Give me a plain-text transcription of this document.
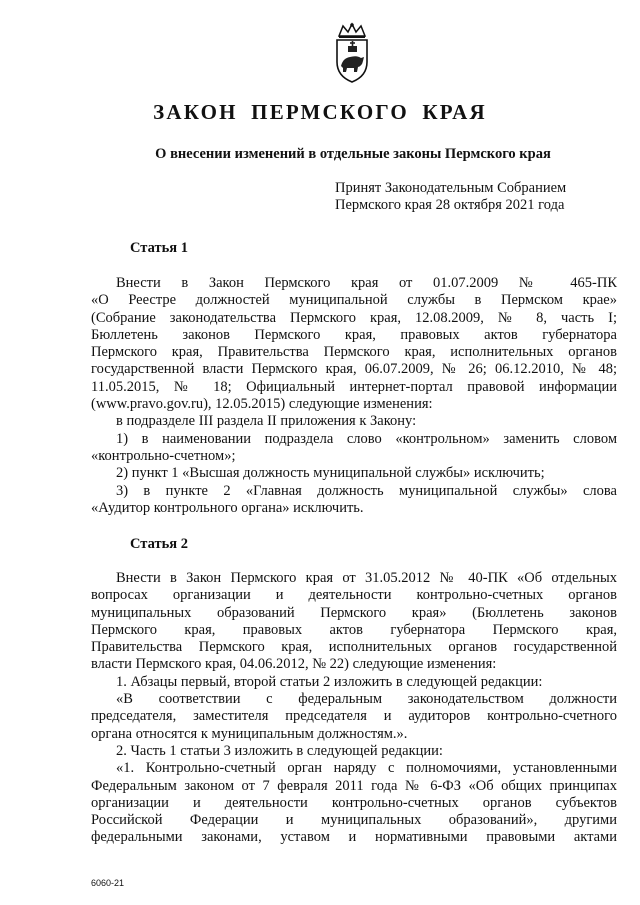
ЗАКОН ПЕРМСКОГО КРАЯ
О внесении изменений в отдельные законы Пермского края
Принят Законодательным Собранием
Пермского края 28 октября 2021 года
Статья 1
Внести в Закон Пермского края от 01.07.2009 № 465-ПК
«О Реестре должностей муниципальной службы в Пермском крае»
(Собрание законодательства Пермского края, 12.08.2009, № 8, часть I;
Бюллетень законов Пермского края, правовых актов губернатора
Пермского края, Правительства Пермского края, исполнительных органов
государственной власти Пермского края, 06.07.2009, № 26; 06.12.2010, № 48;
11.05.2015, № 18; Официальный интернет-портал правовой информации
(www.pravo.gov.ru), 12.05.2015) следующие изменения:
в подразделе III раздела II приложения к Закону:
1) в наименовании подраздела слово «контрольном» заменить словом
«контрольно-счетном»;
2) пункт 1 «Высшая должность муниципальной службы» исключить;
3) в пункте 2 «Главная должность муниципальной службы» слова
«Аудитор контрольного органа» исключить.
Статья 2
Внести в Закон Пермского края от 31.05.2012 № 40-ПК «Об отдельных
вопросах организации и деятельности контрольно-счетных органов
муниципальных образований Пермского края» (Бюллетень законов
Пермского края, правовых актов губернатора Пермского края,
Правительства Пермского края, исполнительных органов государственной
власти Пермского края, 04.06.2012, № 22) следующие изменения:
1. Абзацы первый, второй статьи 2 изложить в следующей редакции:
«В соответствии с федеральным законодательством должности
председателя, заместителя председателя и аудиторов контрольно-счетного
органа относятся к муниципальным должностям.».
2. Часть 1 статьи 3 изложить в следующей редакции:
«1. Контрольно-счетный орган наряду с полномочиями, установленными
Федеральным законом от 7 февраля 2011 года № 6-ФЗ «Об общих принципах
организации и деятельности контрольно-счетных органов субъектов
Российской Федерации и муниципальных образований», другими
федеральными законами, уставом и нормативными правовыми актами
6060-21
